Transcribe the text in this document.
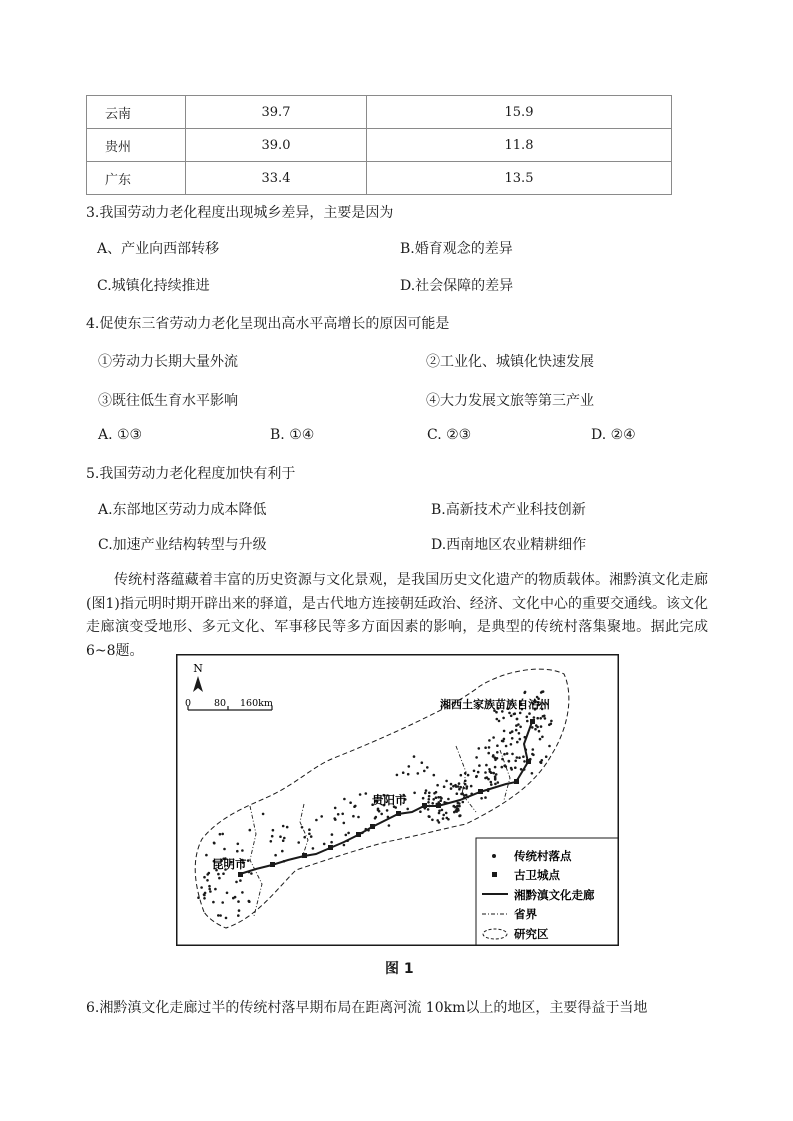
云南	39.7	15.9
贵州	39.0	11.8
广东	33.4	13.5
3.我国劳动力老化程度出现城乡差异，主要是因为
A、产业向西部转移	B.婚育观念的差异
C.城镇化持续推进	D.社会保障的差异
4.促使东三省劳动力老化呈现出高水平高增长的原因可能是
①劳动力长期大量外流	②工业化、城镇化快速发展
③既往低生育水平影响	④大力发展文旅等第三产业
A. ①③	B. ①④	C. ②③	D. ②④
5.我国劳动力老化程度加快有利于
A.东部地区劳动力成本降低	B.高新技术产业科技创新
C.加速产业结构转型与升级	D.西南地区农业精耕细作
传统村落蕴藏着丰富的历史资源与文化景观，是我国历史文化遗产的物质载体。湘黔滇文化走廊(图1)指元明时期开辟出来的驿道，是古代地方连接朝廷政治、经济、文化中心的重要交通线。该文化走廊演变受地形、多元文化、军事移民等多方面因素的影响，是典型的传统村落集聚地。据此完成 6~8题。
N
0 80 160km
昆明市
贵阳市
湘西土家族苗族自治州
传统村落点
古卫城点
湘黔滇文化走廊
省界
研究区
图 1
6.湘黔滇文化走廊过半的传统村落早期布局在距离河流 10km以上的地区，主要得益于当地
